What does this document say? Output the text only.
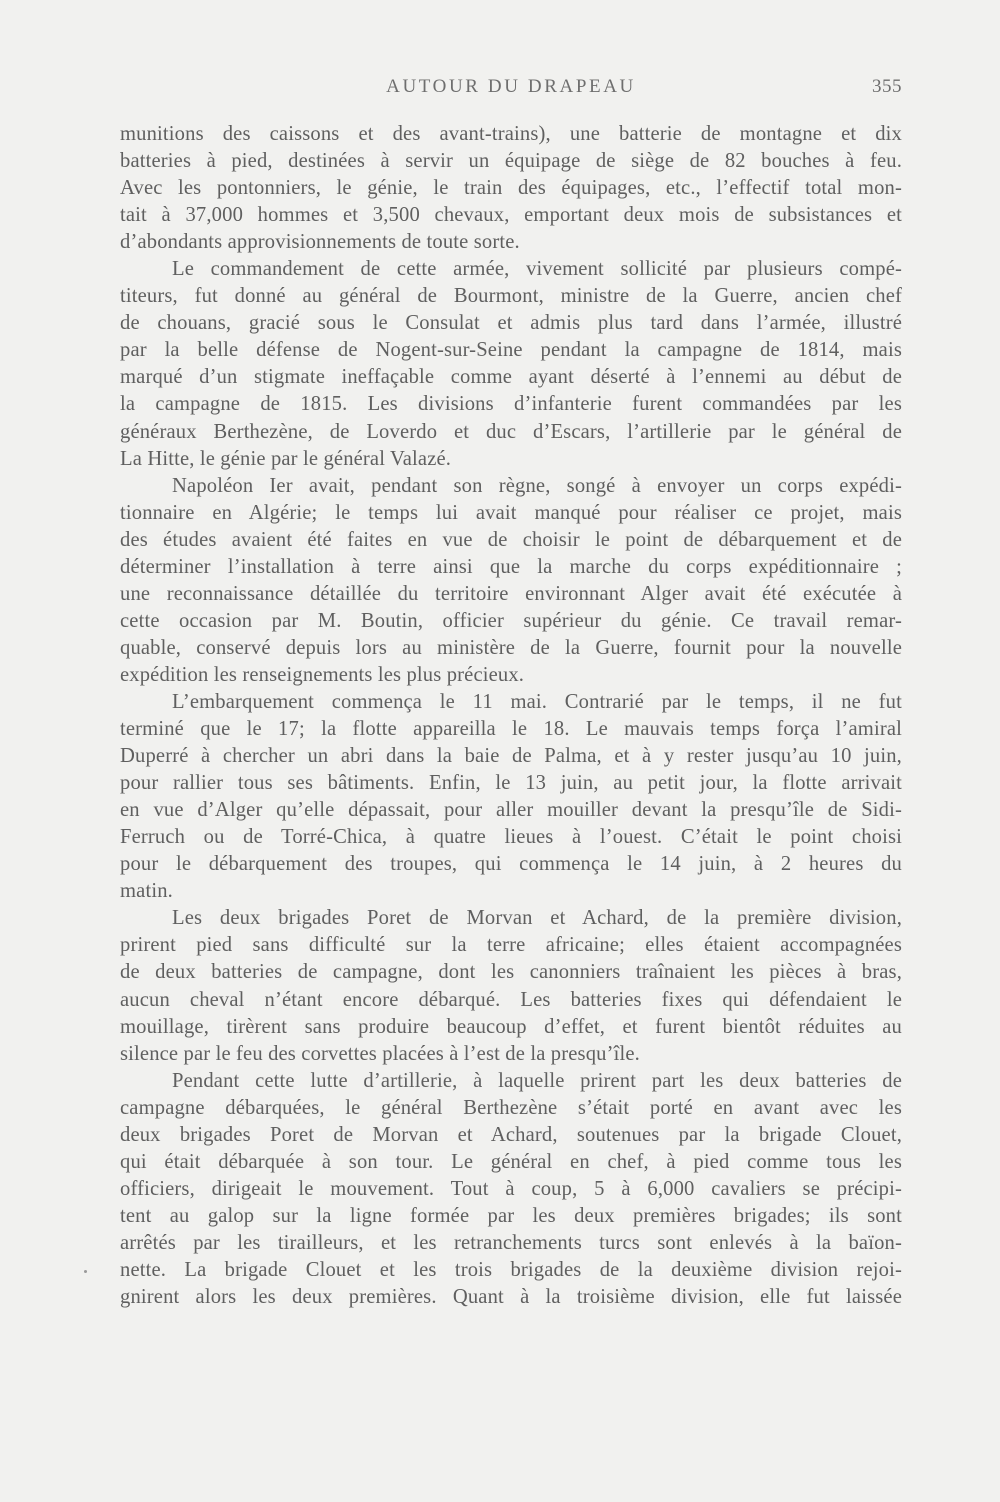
AUTOUR DU DRAPEAU	355
munitions des caissons et des avant-trains), une batterie de montagne et dix
batteries à pied, destinées à servir un équipage de siège de 82 bouches à feu.
Avec les pontonniers, le génie, le train des équipages, etc., l’effectif total mon-
tait à 37,000 hommes et 3,500 chevaux, emportant deux mois de subsistances et
d’abondants approvisionnements de toute sorte.
Le commandement de cette armée, vivement sollicité par plusieurs compé-
titeurs, fut donné au général de Bourmont, ministre de la Guerre, ancien chef
de chouans, gracié sous le Consulat et admis plus tard dans l’armée, illustré
par la belle défense de Nogent-sur-Seine pendant la campagne de 1814, mais
marqué d’un stigmate ineffaçable comme ayant déserté à l’ennemi au début de
la campagne de 1815. Les divisions d’infanterie furent commandées par les
généraux Berthezène, de Loverdo et duc d’Escars, l’artillerie par le général de
La Hitte, le génie par le général Valazé.
Napoléon Ier avait, pendant son règne, songé à envoyer un corps expédi-
tionnaire en Algérie; le temps lui avait manqué pour réaliser ce projet, mais
des études avaient été faites en vue de choisir le point de débarquement et de
déterminer l’installation à terre ainsi que la marche du corps expéditionnaire ;
une reconnaissance détaillée du territoire environnant Alger avait été exécutée à
cette occasion par M. Boutin, officier supérieur du génie. Ce travail remar-
quable, conservé depuis lors au ministère de la Guerre, fournit pour la nouvelle
expédition les renseignements les plus précieux.
L’embarquement commença le 11 mai. Contrarié par le temps, il ne fut
terminé que le 17; la flotte appareilla le 18. Le mauvais temps força l’amiral
Duperré à chercher un abri dans la baie de Palma, et à y rester jusqu’au 10 juin,
pour rallier tous ses bâtiments. Enfin, le 13 juin, au petit jour, la flotte arrivait
en vue d’Alger qu’elle dépassait, pour aller mouiller devant la presqu’île de Sidi-
Ferruch ou de Torré-Chica, à quatre lieues à l’ouest. C’était le point choisi
pour le débarquement des troupes, qui commença le 14 juin, à 2 heures du
matin.
Les deux brigades Poret de Morvan et Achard, de la première division,
prirent pied sans difficulté sur la terre africaine; elles étaient accompagnées
de deux batteries de campagne, dont les canonniers traînaient les pièces à bras,
aucun cheval n’étant encore débarqué. Les batteries fixes qui défendaient le
mouillage, tirèrent sans produire beaucoup d’effet, et furent bientôt réduites au
silence par le feu des corvettes placées à l’est de la presqu’île.
Pendant cette lutte d’artillerie, à laquelle prirent part les deux batteries de
campagne débarquées, le général Berthezène s’était porté en avant avec les
deux brigades Poret de Morvan et Achard, soutenues par la brigade Clouet,
qui était débarquée à son tour. Le général en chef, à pied comme tous les
officiers, dirigeait le mouvement. Tout à coup, 5 à 6,000 cavaliers se précipi-
tent au galop sur la ligne formée par les deux premières brigades; ils sont
arrêtés par les tirailleurs, et les retranchements turcs sont enlevés à la baïon-
nette. La brigade Clouet et les trois brigades de la deuxième division rejoi-
gnirent alors les deux premières. Quant à la troisième division, elle fut laissée
